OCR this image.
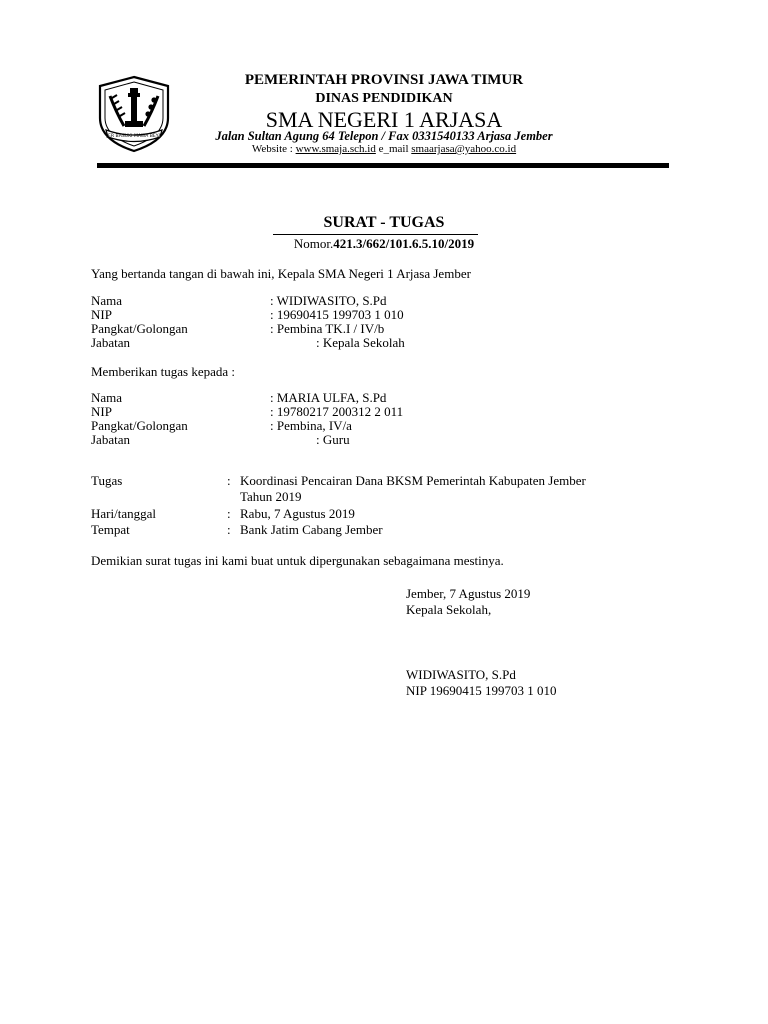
JER BASUKI MAWA BEYA
PEMERINTAH PROVINSI JAWA TIMUR
DINAS PENDIDIKAN
SMA NEGERI 1 ARJASA
Jalan Sultan Agung 64 Telepon / Fax 0331540133 Arjasa Jember
Website : www.smaja.sch.id e_mail smaarjasa@yahoo.co.id
SURAT - TUGAS
Nomor.421.3/662/101.6.5.10/2019
Yang bertanda tangan di bawah ini, Kepala SMA Negeri 1 Arjasa Jember
Nama	: WIDIWASITO, S.Pd
NIP	: 19690415 199703 1 010
Pangkat/Golongan	: Pembina TK.I / IV/b
Jabatan	: Kepala Sekolah
Memberikan tugas kepada :
Nama	: MARIA ULFA, S.Pd
NIP	: 19780217 200312 2 011
Pangkat/Golongan	: Pembina, IV/a
Jabatan	: Guru
Tugas	: Koordinasi Pencairan Dana BKSM Pemerintah Kabupaten Jember
Tahun 2019
Hari/tanggal	: Rabu, 7 Agustus 2019
Tempat	: Bank Jatim Cabang Jember
Demikian surat tugas ini kami buat untuk dipergunakan sebagaimana mestinya.
Jember, 7 Agustus 2019
Kepala Sekolah,
WIDIWASITO, S.Pd
NIP 19690415 199703 1 010
